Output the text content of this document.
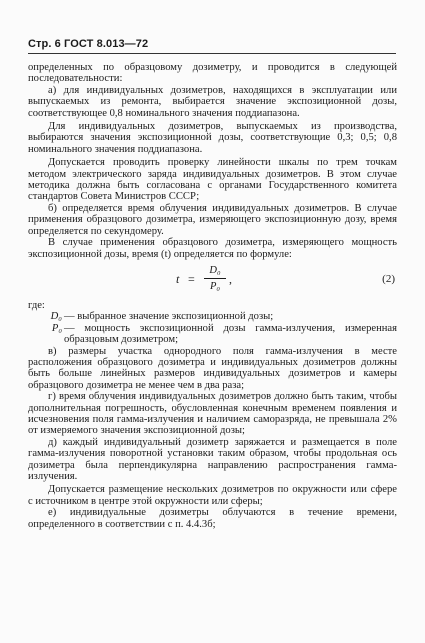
Стр. 6 ГОСТ 8.013—72

определенных по образцовому дозиметру, и проводится в следующей последовательности:

а) для индивидуальных дозиметров, находящихся в эксплуатации или выпускаемых из ремонта, выбирается значение экспозиционной дозы, соответствующее 0,8 номинального значения поддиапазона.

Для индивидуальных дозиметров, выпускаемых из производства, выбираются значения экспозиционной дозы, соответствующие 0,3; 0,5; 0,8 номинального значения поддиапазона.

Допускается проводить проверку линейности шкалы по трем точкам методом электрического заряда индивидуальных дозиметров. В этом случае методика должна быть согласована с органами Государственного комитета стандартов Совета Министров СССР;

б) определяется время облучения индивидуальных дозиметров. В случае применения образцового дозиметра, измеряющего экспозиционную дозу, время определяется по секундомеру.

В случае применения образцового дозиметра, измеряющего мощность экспозиционной дозы, время (t) определяется по формуле:

t =
D₀
P₀
,	(2)

где:

D₀ — выбранное значение экспозиционной дозы;
P₀ — мощность экспозиционной дозы гамма-излучения, измеренная образцовым дозиметром;

в) размеры участка однородного поля гамма-излучения в месте расположения образцового дозиметра и индивидуальных дозиметров должны быть больше линейных размеров индивидуальных дозиметров и камеры образцового дозиметра не менее чем в два раза;

г) время облучения индивидуальных дозиметров должно быть таким, чтобы дополнительная погрешность, обусловленная конечным временем появления и исчезновения поля гамма-излучения и наличием саморазряда, не превышала 2% от измеряемого значения экспозиционной дозы;

д) каждый индивидуальный дозиметр заряжается и размещается в поле гамма-излучения поворотной установки таким образом, чтобы продольная ось дозиметра была перпендикулярна направлению распространения гамма-излучения.

Допускается размещение нескольких дозиметров по окружности или сфере с источником в центре этой окружности или сферы;

е) индивидуальные дозиметры облучаются в течение времени, определенного в соответствии с п. 4.4.3б;
